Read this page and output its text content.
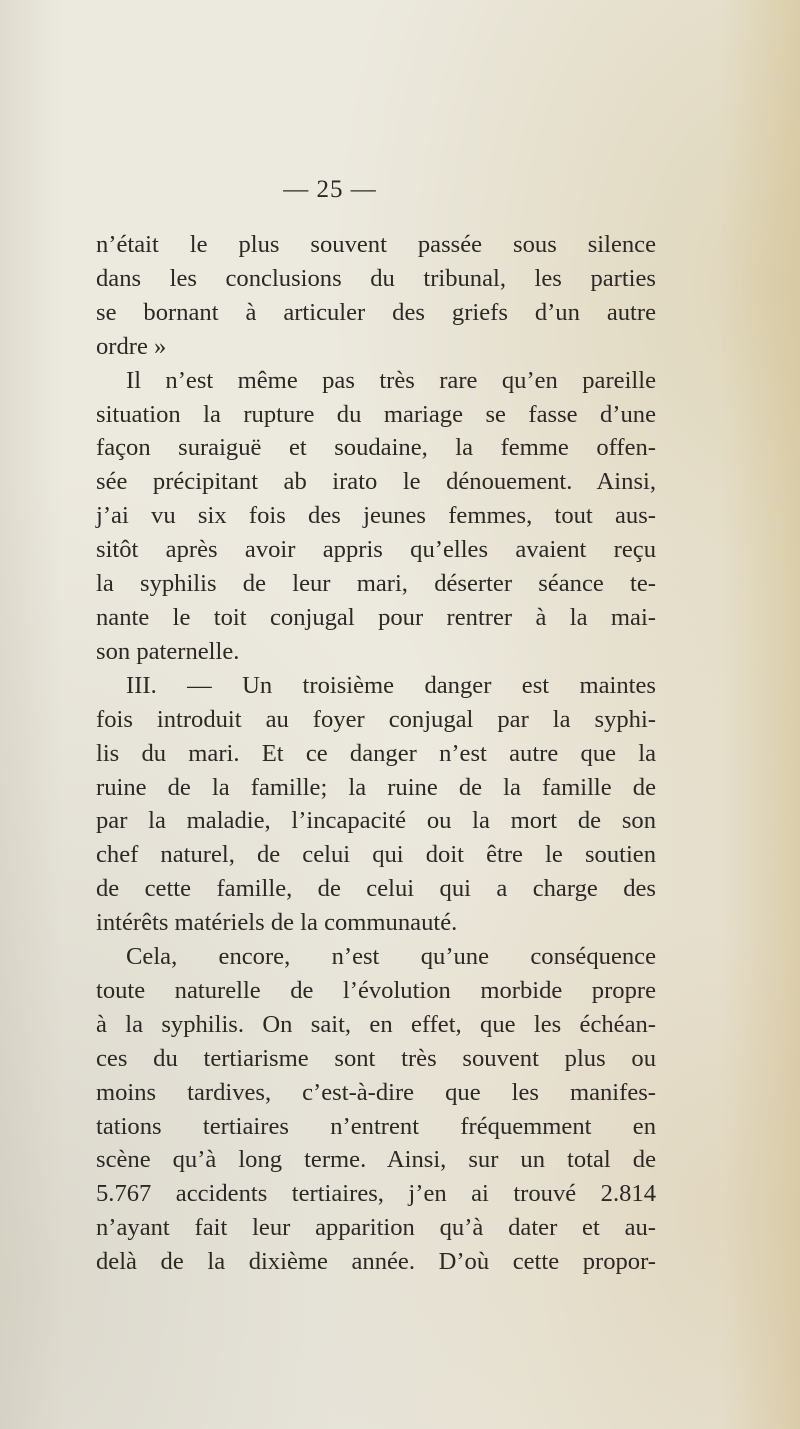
— 25 —

n’était le plus souvent passée sous silence

dans les conclusions du tribunal, les parties

se bornant à articuler des griefs d’un autre

ordre »

Il n’est même pas très rare qu’en pareille

situation la rupture du mariage se fasse d’une

façon suraiguë et soudaine, la femme offen-

sée précipitant ab irato le dénouement. Ainsi,

j’ai vu six fois des jeunes femmes, tout aus-

sitôt après avoir appris qu’elles avaient reçu

la syphilis de leur mari, déserter séance te-

nante le toit conjugal pour rentrer à la mai-

son paternelle.

III. — Un troisième danger est maintes

fois introduit au foyer conjugal par la syphi-

lis du mari. Et ce danger n’est autre que la

ruine de la famille; la ruine de la famille de

par la maladie, l’incapacité ou la mort de son

chef naturel, de celui qui doit être le soutien

de cette famille, de celui qui a charge des

intérêts matériels de la communauté.

Cela, encore, n’est qu’une conséquence

toute naturelle de l’évolution morbide propre

à la syphilis. On sait, en effet, que les échéan-

ces du tertiarisme sont très souvent plus ou

moins tardives, c’est-à-dire que les manifes-

tations tertiaires n’entrent fréquemment en

scène qu’à long terme. Ainsi, sur un total de

5.767 accidents tertiaires, j’en ai trouvé 2.814

n’ayant fait leur apparition qu’à dater et au-

delà de la dixième année. D’où cette propor-
